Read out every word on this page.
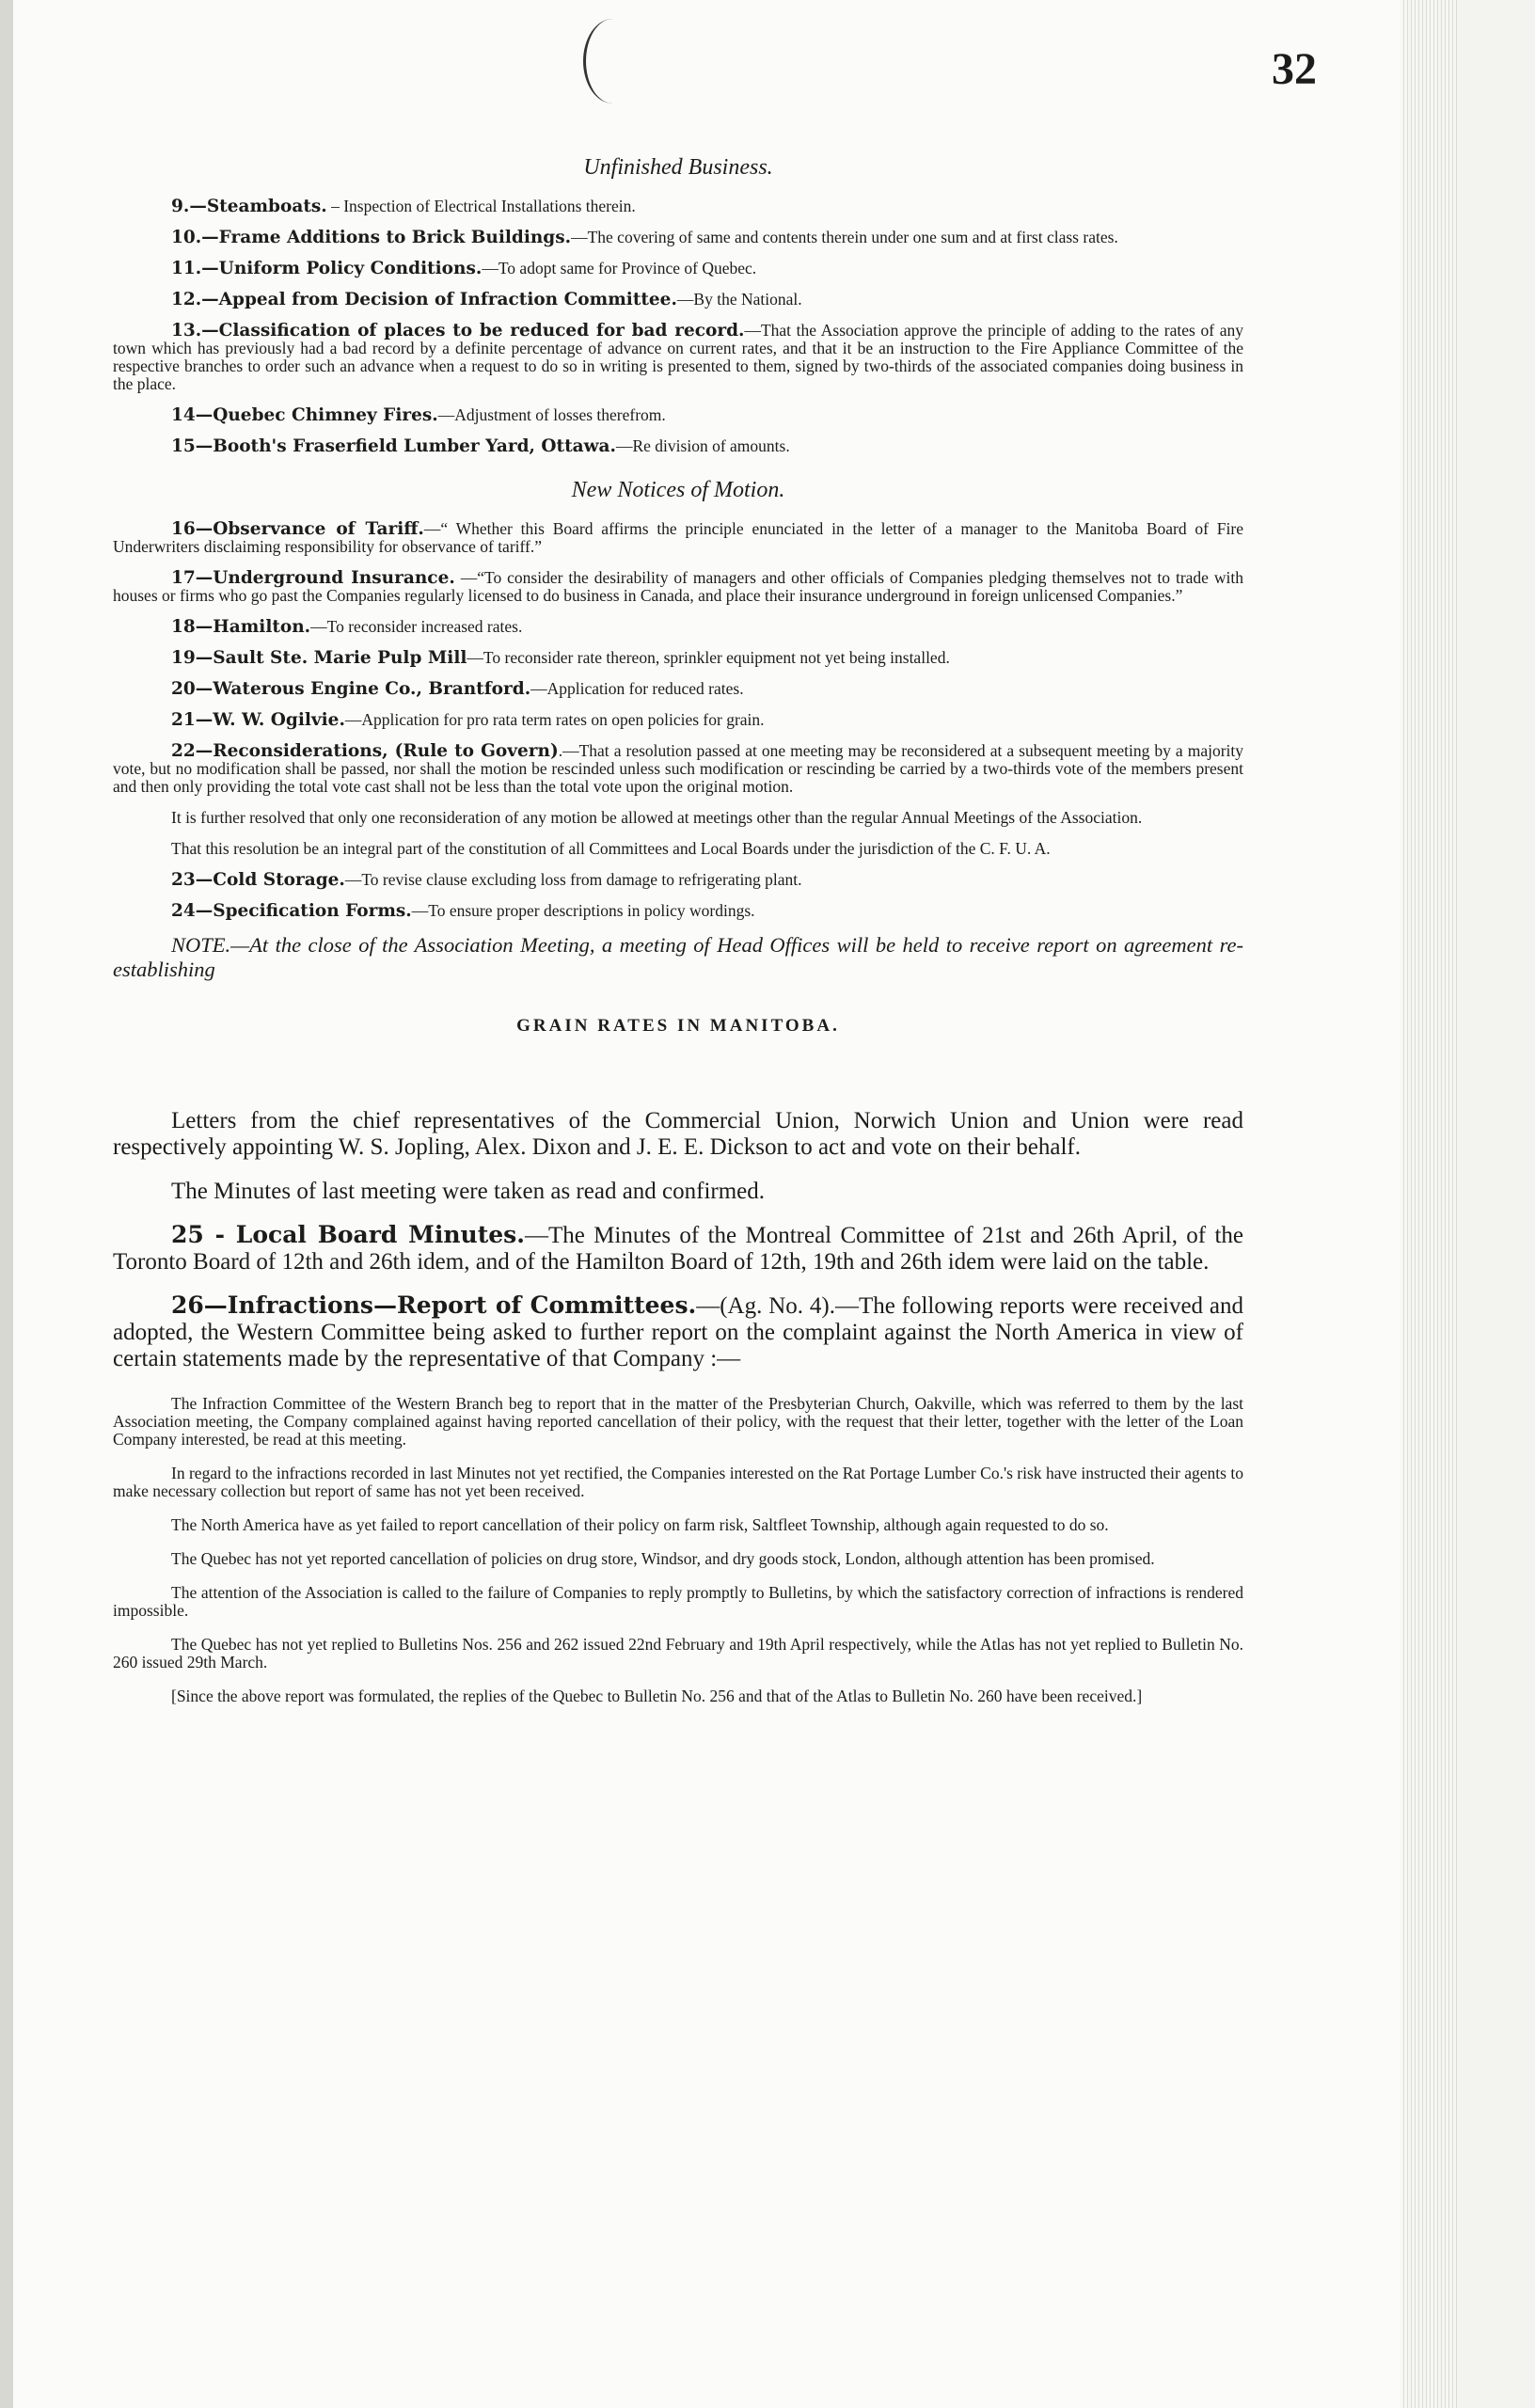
32
Unfinished Business.

9.—Steamboats. – Inspection of Electrical Installations therein.

10.—Frame Additions to Brick Buildings.—The covering of same and contents therein under one sum and at first class rates.

11.—Uniform Policy Conditions.—To adopt same for Province of Quebec.

12.—Appeal from Decision of Infraction Committee.—By the National.

13.—Classification of places to be reduced for bad record.—That the Association approve the principle of adding to the rates of any town which has previously had a bad record by a definite percentage of advance on current rates, and that it be an instruction to the Fire Appliance Committee of the respective branches to order such an advance when a request to do so in writing is presented to them, signed by two-thirds of the associated companies doing business in the place.

14—Quebec Chimney Fires.—Adjustment of losses therefrom.

15—Booth's Fraserfield Lumber Yard, Ottawa.—Re division of amounts.

New Notices of Motion.

16—Observance of Tariff.—“ Whether this Board affirms the principle enunciated in the letter of a manager to the Manitoba Board of Fire Underwriters disclaiming responsibility for observance of tariff.”

17—Underground Insurance. —“To consider the desirability of managers and other officials of Companies pledging themselves not to trade with houses or firms who go past the Companies regularly licensed to do business in Canada, and place their insurance underground in foreign unlicensed Companies.”

18—Hamilton.—To reconsider increased rates.

19—Sault Ste. Marie Pulp Mill—To reconsider rate thereon, sprinkler equipment not yet being installed.

20—Waterous Engine Co., Brantford.—Application for reduced rates.

21—W. W. Ogilvie.—Application for pro rata term rates on open policies for grain.

22—Reconsiderations, (Rule to Govern).—That a resolution passed at one meeting may be reconsidered at a subsequent meeting by a majority vote, but no modification shall be passed, nor shall the motion be rescinded unless such modification or rescinding be carried by a two-thirds vote of the members present and then only providing the total vote cast shall not be less than the total vote upon the original motion.

It is further resolved that only one reconsideration of any motion be allowed at meetings other than the regular Annual Meetings of the Association.

That this resolution be an integral part of the constitution of all Committees and Local Boards under the jurisdiction of the C. F. U. A.

23—Cold Storage.—To revise clause excluding loss from damage to refrigerating plant.

24—Specification Forms.—To ensure proper descriptions in policy wordings.

NOTE.—At the close of the Association Meeting, a meeting of Head Offices will be held to receive report on agreement re-establishing

GRAIN RATES IN MANITOBA.

Letters from the chief representatives of the Commercial Union, Norwich Union and Union were read respectively appointing W. S. Jopling, Alex. Dixon and J. E. E. Dickson to act and vote on their behalf.

The Minutes of last meeting were taken as read and confirmed.

25 - Local Board Minutes.—The Minutes of the Montreal Committee of 21st and 26th April, of the Toronto Board of 12th and 26th idem, and of the Hamilton Board of 12th, 19th and 26th idem were laid on the table.

26—Infractions—Report of Committees.—(Ag. No. 4).—The following reports were received and adopted, the Western Committee being asked to further report on the complaint against the North America in view of certain statements made by the representative of that Company :—

The Infraction Committee of the Western Branch beg to report that in the matter of the Presbyterian Church, Oakville, which was referred to them by the last Association meeting, the Company complained against having reported cancellation of their policy, with the request that their letter, together with the letter of the Loan Company interested, be read at this meeting.

In regard to the infractions recorded in last Minutes not yet rectified, the Companies interested on the Rat Portage Lumber Co.'s risk have instructed their agents to make necessary collection but report of same has not yet been received.

The North America have as yet failed to report cancellation of their policy on farm risk, Saltfleet Township, although again requested to do so.

The Quebec has not yet reported cancellation of policies on drug store, Windsor, and dry goods stock, London, although attention has been promised.

The attention of the Association is called to the failure of Companies to reply promptly to Bulletins, by which the satisfactory correction of infractions is rendered impossible.

The Quebec has not yet replied to Bulletins Nos. 256 and 262 issued 22nd February and 19th April respectively, while the Atlas has not yet replied to Bulletin No. 260 issued 29th March.

[Since the above report was formulated, the replies of the Quebec to Bulletin No. 256 and that of the Atlas to Bulletin No. 260 have been received.]
